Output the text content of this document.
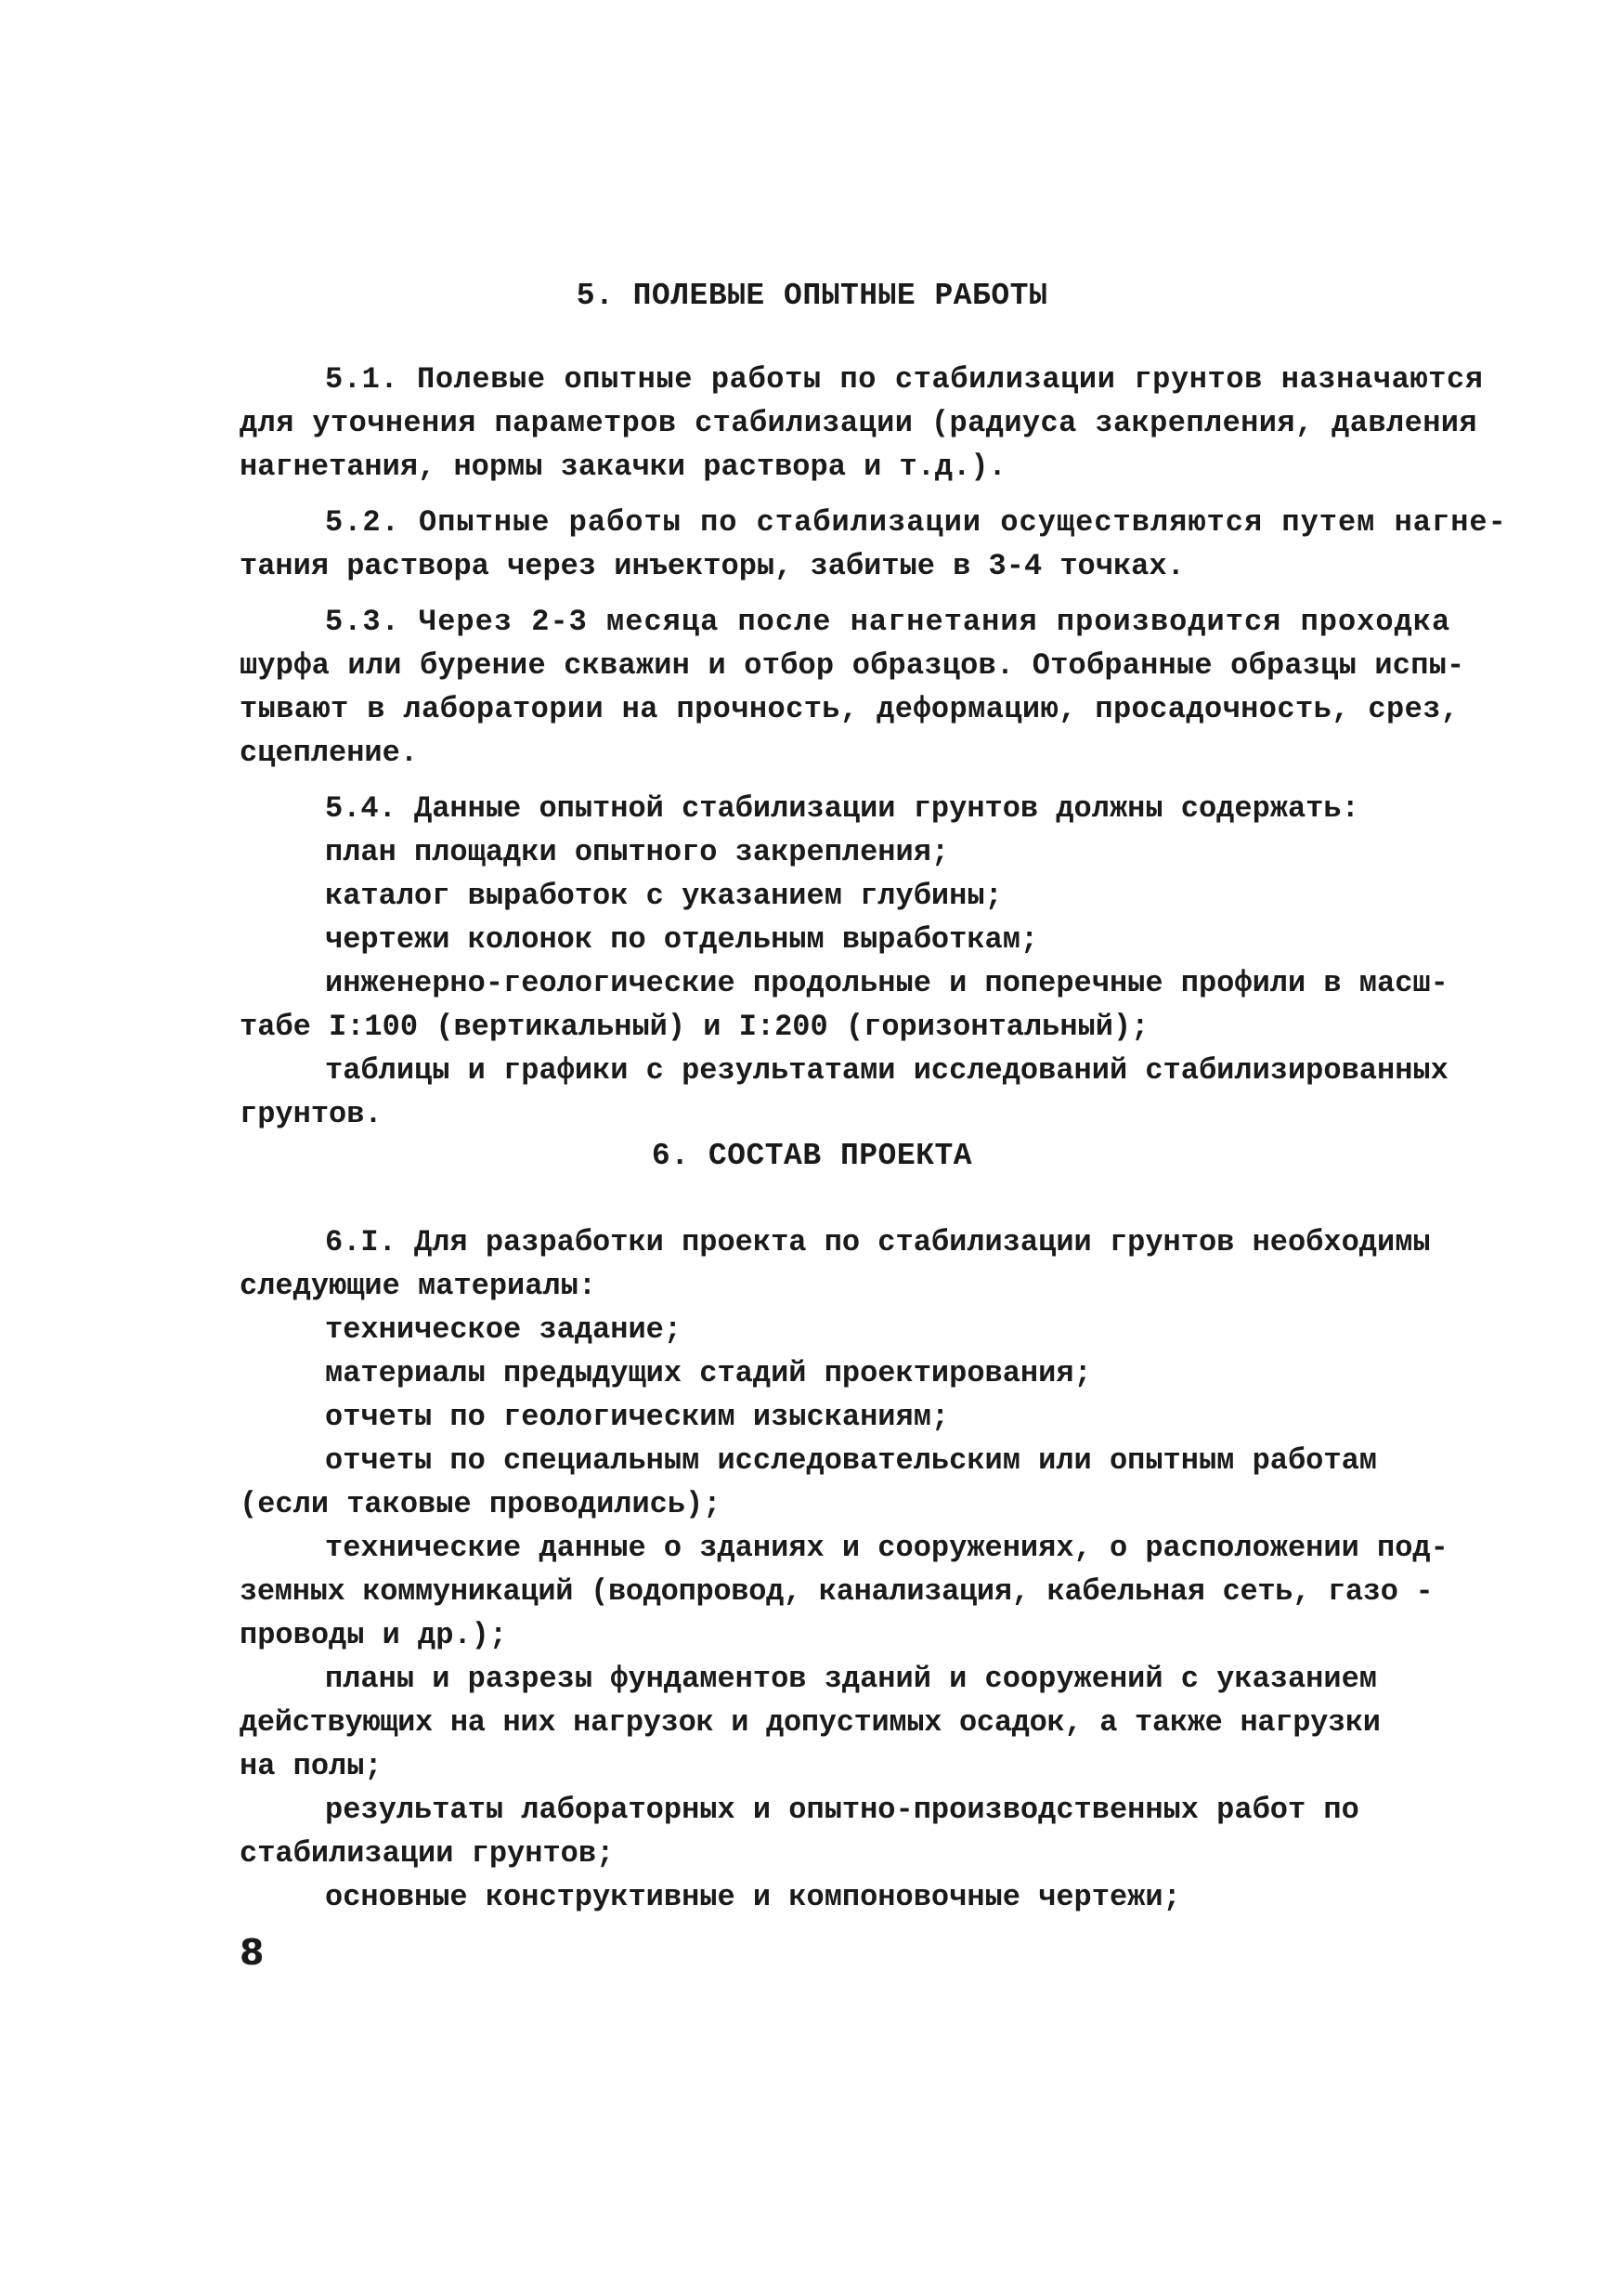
5. ПОЛЕВЫЕ ОПЫТНЫЕ РАБОТЫ
5.1. Полевые опытные работы по стабилизации грунтов назначаются
для уточнения параметров стабилизации (радиуса закрепления, давления
нагнетания, нормы закачки раствора и т.д.).
5.2. Опытные работы по стабилизации осуществляются путем нагне-
тания раствора через инъекторы, забитые в 3-4 точках.
5.3. Через 2-3 месяца после нагнетания производится проходка
шурфа или бурение скважин и отбор образцов. Отобранные образцы испы-
тывают в лаборатории на прочность, деформацию, просадочность, срез,
сцепление.
5.4. Данные опытной стабилизации грунтов должны содержать:
план площадки опытного закрепления;
каталог выработок с указанием глубины;
чертежи колонок по отдельным выработкам;
инженерно-геологические продольные и поперечные профили в масш-
табе I:100 (вертикальный) и I:200 (горизонтальный);
таблицы и графики с результатами исследований стабилизированных
грунтов.
6. СОСТАВ ПРОЕКТА
6.I. Для разработки проекта по стабилизации грунтов необходимы
следующие материалы:
техническое задание;
материалы предыдущих стадий проектирования;
отчеты по геологическим изысканиям;
отчеты по специальным исследовательским или опытным работам
(если таковые проводились);
технические данные о зданиях и сооружениях, о расположении под-
земных коммуникаций (водопровод, канализация, кабельная сеть, газо -
проводы и др.);
планы и разрезы фундаментов зданий и сооружений с указанием
действующих на них нагрузок и допустимых осадок, а также нагрузки
на полы;
результаты лабораторных и опытно-производственных работ по
стабилизации грунтов;
основные конструктивные и компоновочные чертежи;
8
